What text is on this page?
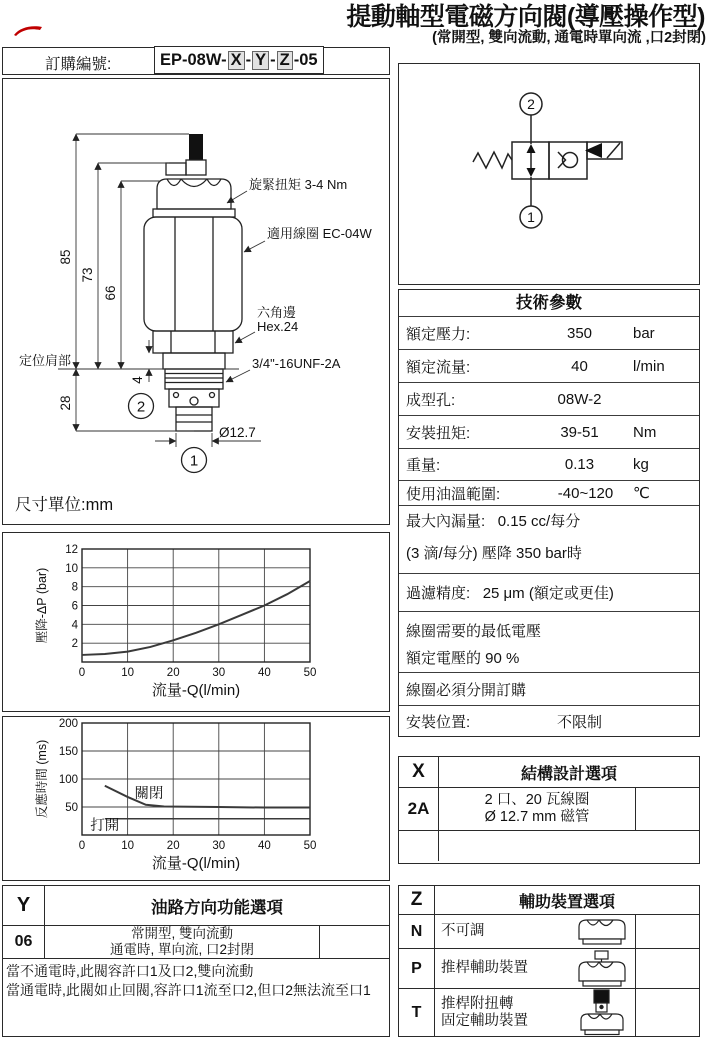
提動軸型電磁方向閥(導壓操作型)
(常開型, 雙向流動, 通電時單向流 ,口2封閉)
訂購編號:	EP-08W- X - Y - Z -05
85
73
66
28
4
定位肩部
旋緊扭矩 3-4 Nm
適用線圈 EC-04W
六角邊
Hex.24
3/4"-16UNF-2A
Ø12.7
尺寸單位:mm
2
1
2
1
技術參數
額定壓力:	350	bar
額定流量:	40	l/min
成型孔:	08W-2
安裝扭矩:	39-51	Nm
重量:	0.13	kg
使用油溫範圍:	-40~120	℃
最大內漏量: 0.15 cc/每分
(3 滴/每分) 壓降 350 bar時
過濾精度:
25 μm (額定或更佳)
線圈需要的最低電壓
額定電壓的 90 %
線圈必須分開訂購
安裝位置:	不限制
0	10	20	30	40	50
2
4
6
8
10
12
流量-Q(l/min)
壓降-ΔP (bar)
0	10	20	30	40	50
50
100
150
200
關閉
打開
流量-Q(l/min)
反應時間 (ms)	X	結構設計選項
2A	2 口、20 瓦線圈
Ø 12.7 mm 磁管
Y	油路方向功能選項
06	常開型, 雙向流動
通電時, 單向流, 口2封閉
當不通電時,此閥容許口1及口2,雙向流動
當通電時,此閥如止回閥,容許口1流至口2,但口2無法流至口1
Z	輔助裝置選項
N	不可調
P	推桿輔助裝置
T	推桿附扭轉
固定輔助裝置
